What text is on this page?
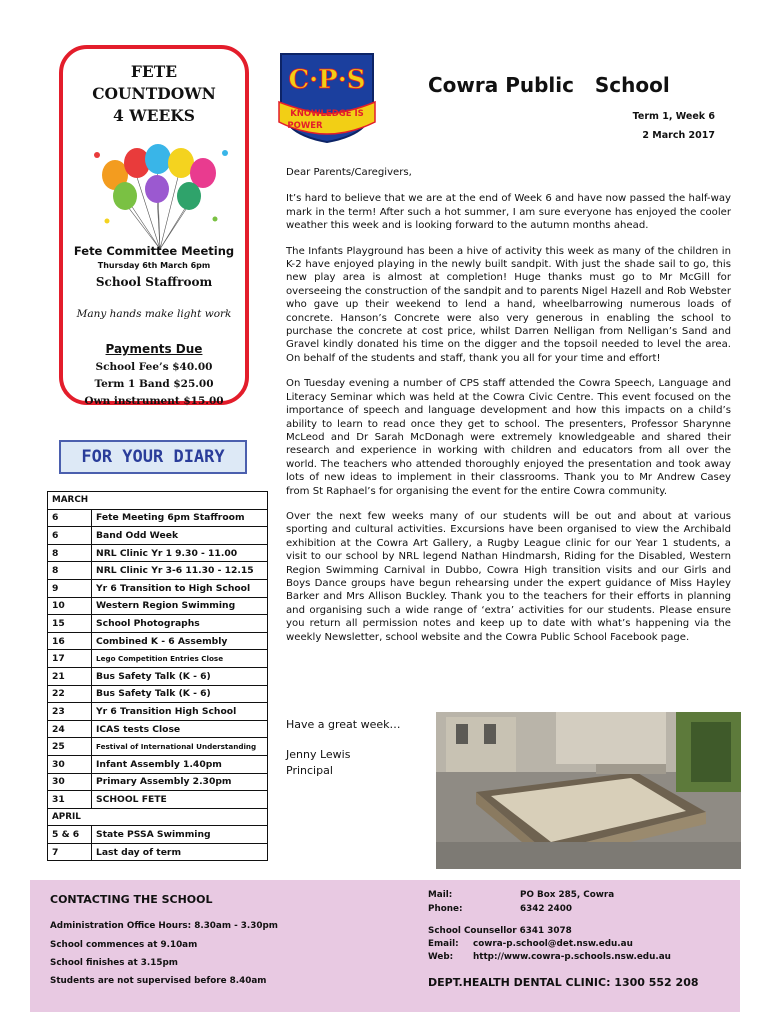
FETE
COUNTDOWN
4 WEEKS
Fete Committee Meeting
Thursday 6th March 6pm
School Staffroom
Many hands make light work
Payments Due
School Fee’s $40.00
Term 1 Band $25.00
Own instrument $15.00
C·P·S
KNOWLEDGE IS
POWER
Cowra Public   School
Term 1, Week 6
2 March 2017

Dear Parents/Caregivers,

It’s hard to believe that we are at the end of Week 6 and have now passed the half-way mark in the term! After such a hot summer, I am sure everyone has enjoyed the cooler weather this week and is looking forward to the autumn months ahead.

The Infants Playground has been a hive of activity this week as many of the children in K-2 have enjoyed playing in the newly built sandpit. With just the shade sail to go, this new play area is almost at completion! Huge thanks must go to Mr McGill for overseeing the construction of the sandpit and to parents Nigel Hazell and Rob Webster who gave up their weekend to lend a hand, wheelbarrowing numerous loads of concrete. Hanson’s Concrete were also very generous in enabling the school to purchase the concrete at cost price, whilst Darren Nelligan from Nelligan’s Sand and Gravel kindly donated his time on the digger and the topsoil needed to level the area. On behalf of the students and staff, thank you all for your time and effort!

On Tuesday evening a number of CPS staff attended the Cowra Speech, Language and Literacy Seminar which was held at the Cowra Civic Centre. This event focused on the importance of speech and language development and how this impacts on a child’s ability to learn to read once they get to school. The presenters, Professor Sharynne McLeod and Dr Sarah McDonagh were extremely knowledgeable and shared their research and experience in working with children and educators from all over the world. The teachers who attended thoroughly enjoyed the presentation and took away lots of new ideas to implement in their classrooms. Thank you to Mr Andrew Casey from St Raphael’s for organising the event for the entire Cowra community.

Over the next few weeks many of our students will be out and about at various sporting and cultural activities. Excursions have been organised to view the Archibald exhibition at the Cowra Art Gallery, a Rugby League clinic for our Year 1 students, a visit to our school by NRL legend Nathan Hindmarsh, Riding for the Disabled, Western Region Swimming Carnival in Dubbo, Cowra High transition visits and our Girls and Boys Dance groups have begun rehearsing under the expert guidance of Miss Hayley Barker and Mrs Allison Buckley. Thank you to the teachers for their efforts in planning and organising such a wide range of ‘extra’ activities for our students. Please ensure you return all permission notes and keep up to date with what’s happening via the weekly Newsletter, school website and the Cowra Public School Facebook page.

Have a great week…
Jenny Lewis
Principal
FOR YOUR DIARY
MARCH	
6	Fete Meeting 6pm Staffroom
6	Band Odd Week
8	NRL Clinic Yr 1 9.30 - 11.00
8	NRL Clinic Yr 3-6 11.30 - 12.15
9	Yr 6 Transition to High School
10	Western Region Swimming
15	School Photographs
16	Combined K - 6 Assembly
17	Lego Competition Entries Close
21	Bus Safety Talk (K - 6)
22	Bus Safety Talk (K - 6)
23	Yr 6 Transition High School
24	ICAS tests Close
25	Festival of International Understanding
30	Infant Assembly 1.40pm
30	Primary Assembly 2.30pm
31	SCHOOL FETE
APRIL	
5 & 6	State PSSA Swimming
7	Last day of term
CONTACTING THE SCHOOL
Administration Office Hours: 8.30am - 3.30pm
School commences at 9.10am
School finishes at 3.15pm
Students are not supervised before 8.40am
Mail:	PO Box 285, Cowra
Phone:	6342 2400
School Counsellor 6341 3078
Email: cowra-p.school@det.nsw.edu.au
Web: http://www.cowra-p.schools.nsw.edu.au
DEPT.HEALTH DENTAL CLINIC: 1300 552 208
